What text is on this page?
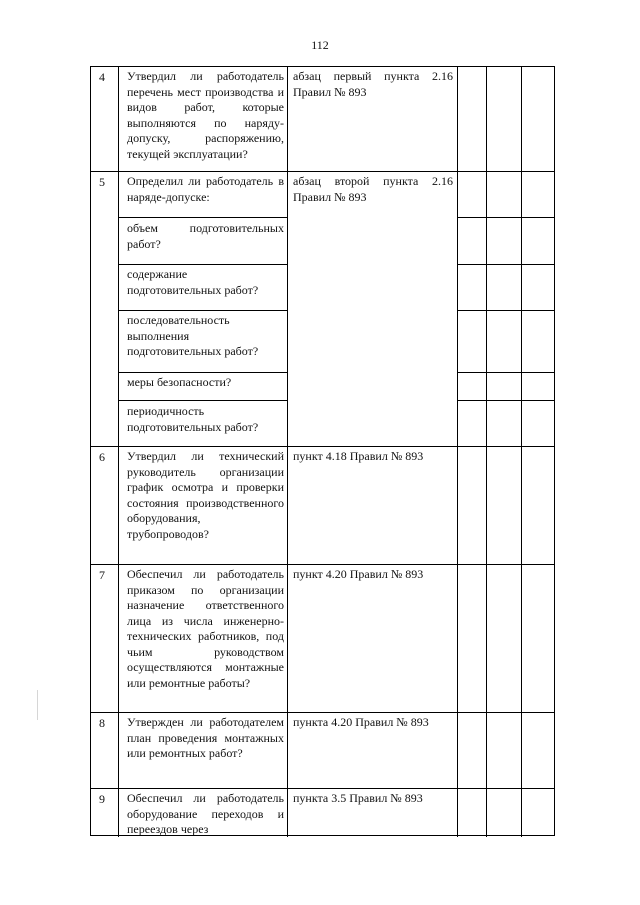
112
4 Утвердил ли работодатель перечень мест производства и видов работ, которые выполняются по наряду-допуску, распоряжению, текущей эксплуатации?
абзац первый пункта 2.16 Правил № 893
5 Определил ли работодатель в наряде-допуске:
абзац второй пункта 2.16 Правил № 893
объем подготовительных работ?
содержание подготовительных работ?
последовательность выполнения подготовительных работ?
меры безопасности?
периодичность подготовительных работ?
6 Утвердил ли технический руководитель организации график осмотра и проверки состояния производственного оборудования, трубопроводов?
пункт 4.18 Правил № 893
7 Обеспечил ли работодатель приказом по организации назначение ответственного лица из числа инженерно-технических работников, под чьим руководством осуществляются монтажные или ремонтные работы?
пункт 4.20 Правил № 893
8 Утвержден ли работодателем план проведения монтажных или ремонтных работ?
пункта 4.20 Правил № 893
9 Обеспечил ли работодатель оборудование переходов и переездов через
пункта 3.5 Правил № 893
